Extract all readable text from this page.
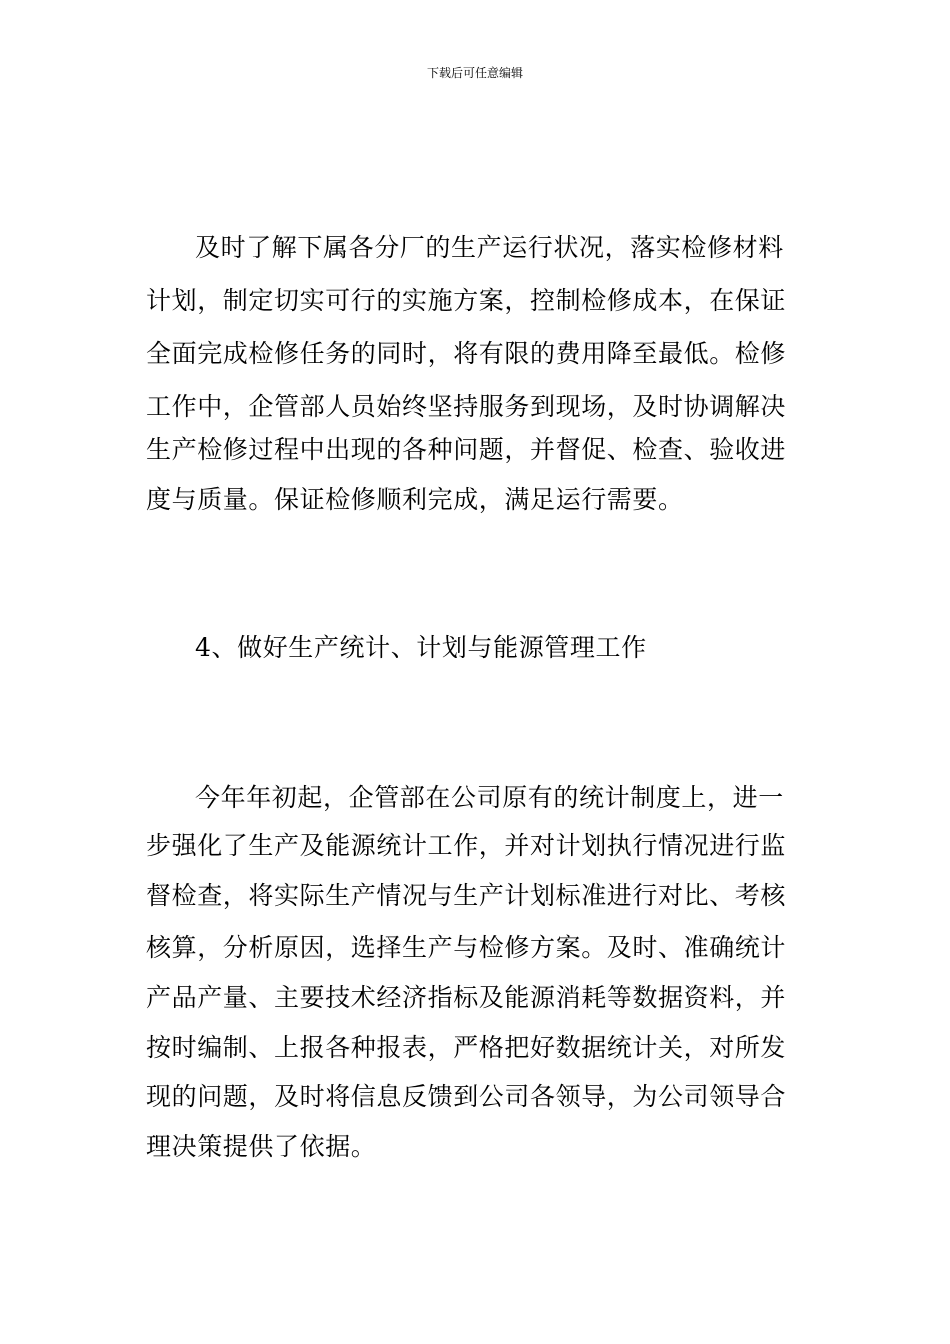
下载后可任意编辑
及时了解下属各分厂的生产运行状况，落实检修材料
计划，制定切实可行的实施方案，控制检修成本，在保证
全面完成检修任务的同时，将有限的费用降至最低。检修
工作中，企管部人员始终坚持服务到现场，及时协调解决
生产检修过程中出现的各种问题，并督促、检查、验收进
度与质量。保证检修顺利完成，满足运行需要。
4、做好生产统计、计划与能源管理工作
今年年初起，企管部在公司原有的统计制度上，进一
步强化了生产及能源统计工作，并对计划执行情况进行监
督检查，将实际生产情况与生产计划标准进行对比、考核
核算，分析原因，选择生产与检修方案。及时、准确统计
产品产量、主要技术经济指标及能源消耗等数据资料，并
按时编制、上报各种报表，严格把好数据统计关，对所发
现的问题，及时将信息反馈到公司各领导，为公司领导合
理决策提供了依据。
